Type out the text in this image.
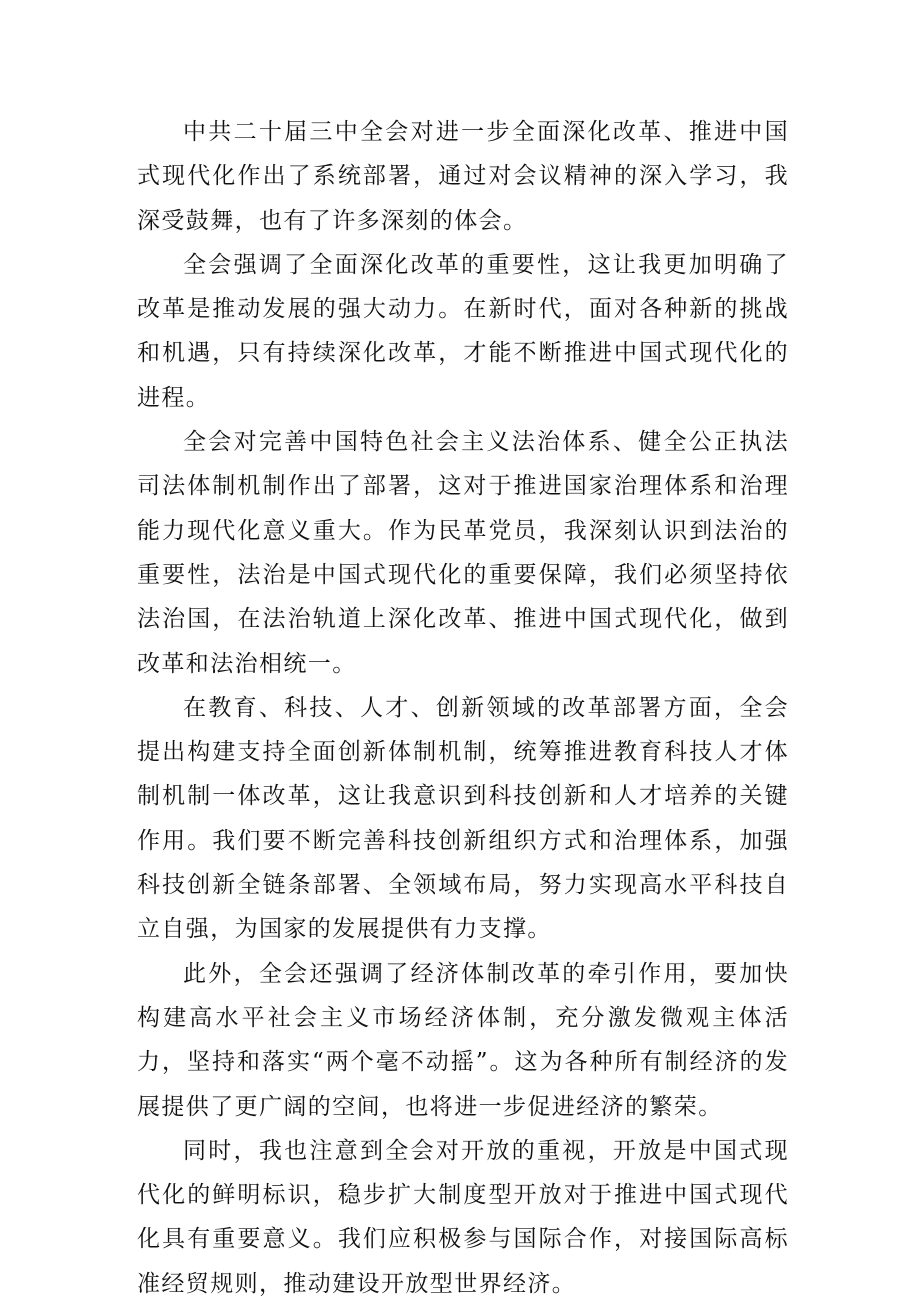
中共二十届三中全会对进一步全面深化改革、推进中国式现代化作出了系统部署，通过对会议精神的深入学习，我深受鼓舞，也有了许多深刻的体会。

全会强调了全面深化改革的重要性，这让我更加明确了改革是推动发展的强大动力。在新时代，面对各种新的挑战和机遇，只有持续深化改革，才能不断推进中国式现代化的进程。

全会对完善中国特色社会主义法治体系、健全公正执法司法体制机制作出了部署，这对于推进国家治理体系和治理能力现代化意义重大。作为民革党员，我深刻认识到法治的重要性，法治是中国式现代化的重要保障，我们必须坚持依法治国，在法治轨道上深化改革、推进中国式现代化，做到改革和法治相统一。

在教育、科技、人才、创新领域的改革部署方面，全会提出构建支持全面创新体制机制，统筹推进教育科技人才体制机制一体改革，这让我意识到科技创新和人才培养的关键作用。我们要不断完善科技创新组织方式和治理体系，加强科技创新全链条部署、全领域布局，努力实现高水平科技自立自强，为国家的发展提供有力支撑。

此外，全会还强调了经济体制改革的牵引作用，要加快构建高水平社会主义市场经济体制，充分激发微观主体活力，坚持和落实“两个毫不动摇”。这为各种所有制经济的发展提供了更广阔的空间，也将进一步促进经济的繁荣。

同时，我也注意到全会对开放的重视，开放是中国式现代化的鲜明标识，稳步扩大制度型开放对于推进中国式现代化具有重要意义。我们应积极参与国际合作，对接国际高标准经贸规则，推动建设开放型世界经济。
